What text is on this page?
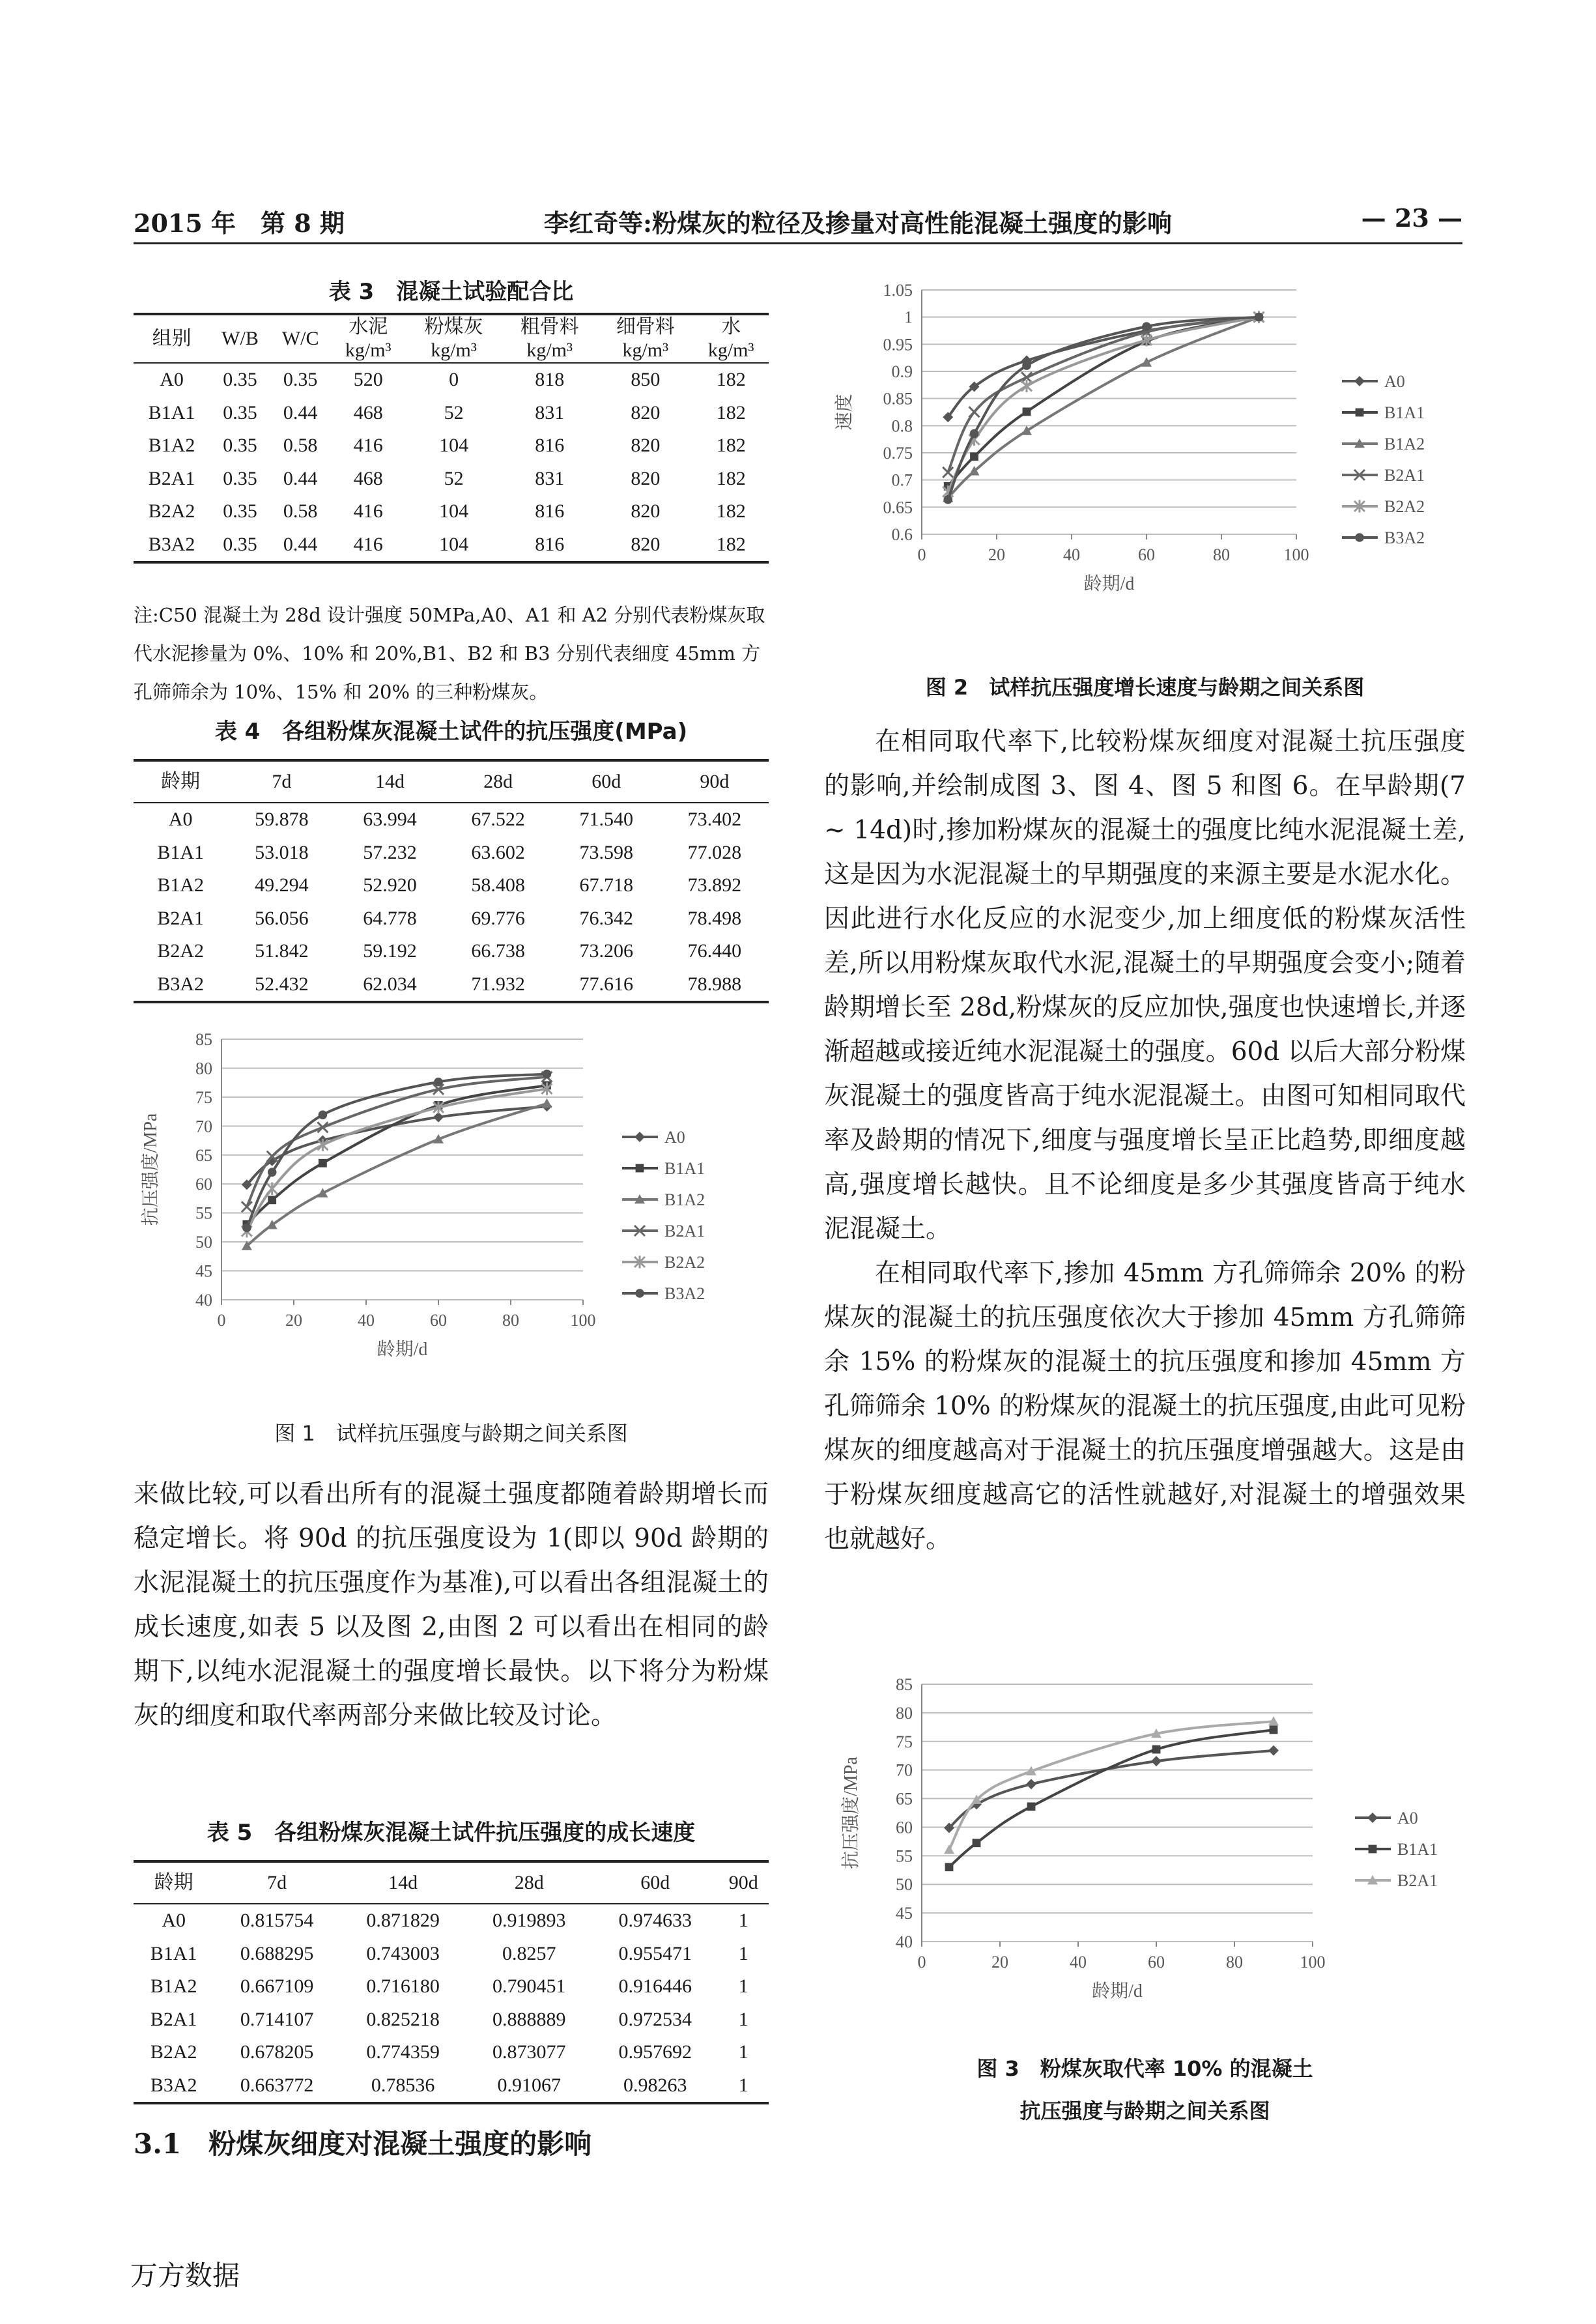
2015 年　第 8 期	李红奇等:粉煤灰的粒径及掺量对高性能混凝土强度的影响	— 23 —
表 3　混凝土试验配合比
组别	W/B	W/C	水泥	粉煤灰	粗骨料	细骨料	水
			kg/m³	kg/m³	kg/m³	kg/m³	kg/m³
A0	0.35	0.35	520	0	818	850	182
B1A1	0.35	0.44	468	52	831	820	182
B1A2	0.35	0.58	416	104	816	820	182
B2A1	0.35	0.44	468	52	831	820	182
B2A2	0.35	0.58	416	104	816	820	182
B3A2	0.35	0.44	416	104	816	820	182
注:C50 混凝土为 28d 设计强度 50MPa,A0、A1 和 A2 分别代表粉煤灰取代水泥掺量为 0%、10% 和 20%,B1、B2 和 B3 分别代表细度 45mm 方孔筛筛余为 10%、15% 和 20% 的三种粉煤灰。
表 4　各组粉煤灰混凝土试件的抗压强度(MPa)
龄期	7d	14d	28d	60d	90d
A0	59.878	63.994	67.522	71.540	73.402
B1A1	53.018	57.232	63.602	73.598	77.028
B1A2	49.294	52.920	58.408	67.718	73.892
B2A1	56.056	64.778	69.776	76.342	78.498
B2A2	51.842	59.192	66.738	73.206	76.440
B3A2	52.432	62.034	71.932	77.616	78.988
40
45
50
55
60
65
70
75
80
85
0	20	40	60	80	100
龄期/d
抗压强度/MPa	A0
B1A1
B1A2
B2A1
B2A2
B3A2
图 1　试样抗压强度与龄期之间关系图

来做比较,可以看出所有的混凝土强度都随着龄期增长而稳定增长。将 90d 的抗压强度设为 1(即以 90d 龄期的水泥混凝土的抗压强度作为基准),可以看出各组混凝土的成长速度,如表 5 以及图 2,由图 2 可以看出在相同的龄期下,以纯水泥混凝土的强度增长最快。以下将分为粉煤灰的细度和取代率两部分来做比较及讨论。

表 5　各组粉煤灰混凝土试件抗压强度的成长速度
龄期	7d	14d	28d	60d	90d
A0	0.815754	0.871829	0.919893	0.974633	1
B1A1	0.688295	0.743003	0.8257	0.955471	1
B1A2	0.667109	0.716180	0.790451	0.916446	1
B2A1	0.714107	0.825218	0.888889	0.972534	1
B2A2	0.678205	0.774359	0.873077	0.957692	1
B3A2	0.663772	0.78536	0.91067	0.98263	1
3.1　粉煤灰细度对混凝土强度的影响
0.6
0.65
0.7
0.75
0.8
0.85
0.9
0.95
1
1.05
0	20	40	60	80	100
龄期/d
速度
A0
B1A1
B1A2
B2A1
B2A2
B3A2
图 2　试样抗压强度增长速度与龄期之间关系图

在相同取代率下,比较粉煤灰细度对混凝土抗压强度的影响,并绘制成图 3、图 4、图 5 和图 6。在早龄期(7 ~ 14d)时,掺加粉煤灰的混凝土的强度比纯水泥混凝土差,这是因为水泥混凝土的早期强度的来源主要是水泥水化。因此进行水化反应的水泥变少,加上细度低的粉煤灰活性差,所以用粉煤灰取代水泥,混凝土的早期强度会变小;随着龄期增长至 28d,粉煤灰的反应加快,强度也快速增长,并逐渐超越或接近纯水泥混凝土的强度。60d 以后大部分粉煤灰混凝土的强度皆高于纯水泥混凝土。由图可知相同取代率及龄期的情况下,细度与强度增长呈正比趋势,即细度越高,强度增长越快。且不论细度是多少其强度皆高于纯水泥混凝土。

在相同取代率下,掺加 45mm 方孔筛筛余 20% 的粉煤灰的混凝土的抗压强度依次大于掺加 45mm 方孔筛筛余 15% 的粉煤灰的混凝土的抗压强度和掺加 45mm 方孔筛筛余 10% 的粉煤灰的混凝土的抗压强度,由此可见粉煤灰的细度越高对于混凝土的抗压强度增强越大。这是由于粉煤灰细度越高它的活性就越好,对混凝土的增强效果也就越好。

40
45
50
55
60
65
70
75
80
85
0	20	40	60	80	100
龄期/d
抗压强度/MPa	A0
B1A1
B2A1
图 3　粉煤灰取代率 10% 的混凝土
抗压强度与龄期之间关系图
万方数据
